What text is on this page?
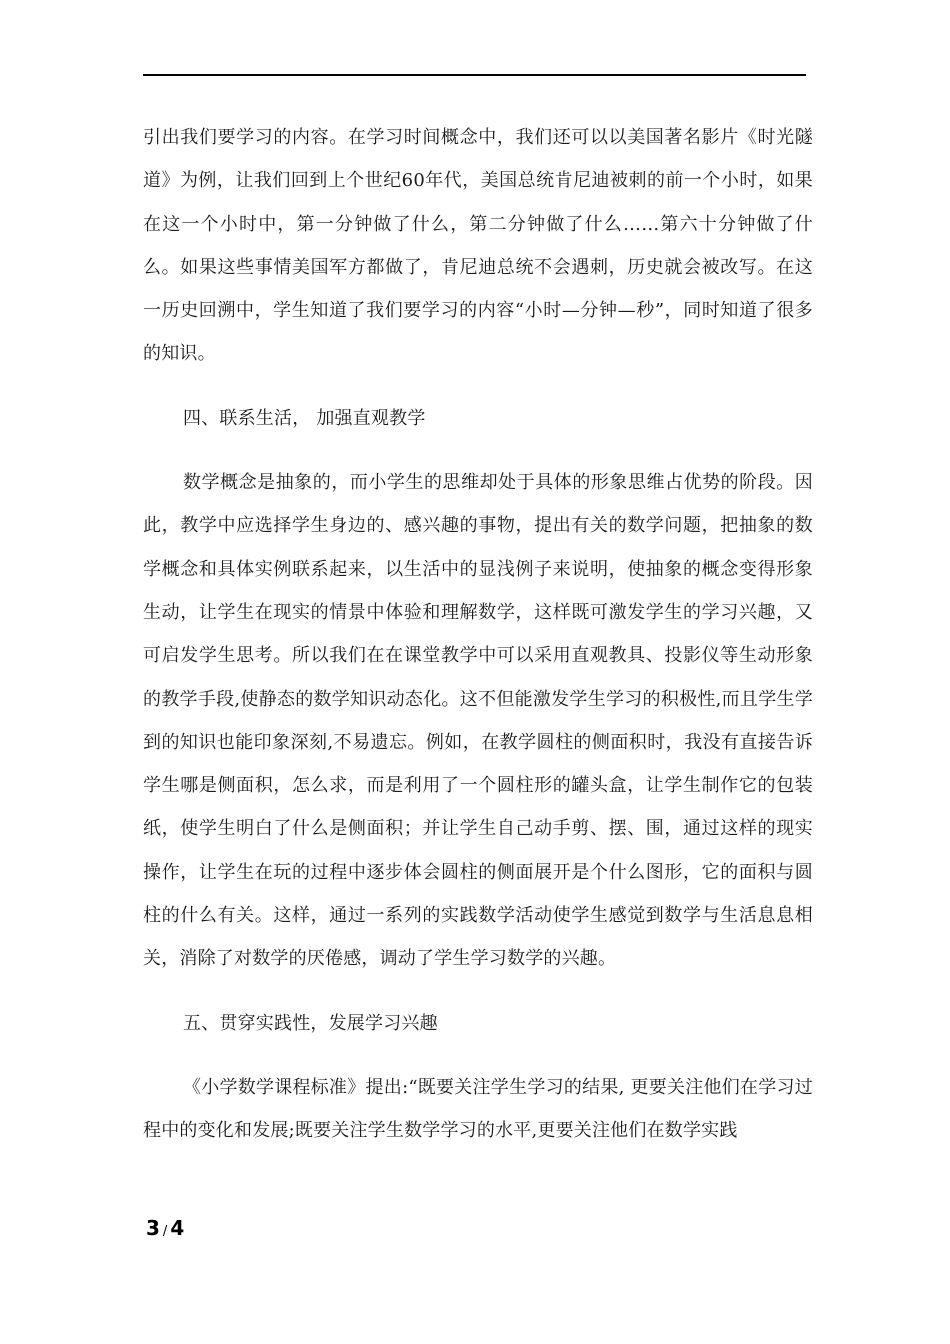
引出我们要学习的内容。在学习时间概念中，我们还可以以美国著名影片《时光隧道》为例，让我们回到上个世纪60年代，美国总统肯尼迪被刺的前一个小时，如果在这一个小时中，第一分钟做了什么，第二分钟做了什么……第六十分钟做了什么。如果这些事情美国军方都做了，肯尼迪总统不会遇刺，历史就会被改写。在这一历史回溯中，学生知道了我们要学习的内容“小时—分钟—秒”，同时知道了很多的知识。

四、联系生活， 加强直观教学

数学概念是抽象的，而小学生的思维却处于具体的形象思维占优势的阶段。因此，教学中应选择学生身边的、感兴趣的事物，提出有关的数学问题，把抽象的数学概念和具体实例联系起来，以生活中的显浅例子来说明，使抽象的概念变得形象生动，让学生在现实的情景中体验和理解数学，这样既可激发学生的学习兴趣，又可启发学生思考。所以我们在在课堂教学中可以采用直观教具、投影仪等生动形象的教学手段,使静态的数学知识动态化。这不但能激发学生学习的积极性,而且学生学到的知识也能印象深刻,不易遗忘。例如，在教学圆柱的侧面积时，我没有直接告诉学生哪是侧面积，怎么求，而是利用了一个圆柱形的罐头盒，让学生制作它的包装纸，使学生明白了什么是侧面积；并让学生自己动手剪、摆、围，通过这样的现实操作，让学生在玩的过程中逐步体会圆柱的侧面展开是个什么图形，它的面积与圆柱的什么有关。这样，通过一系列的实践数学活动使学生感觉到数学与生活息息相关，消除了对数学的厌倦感，调动了学生学习数学的兴趣。

五、贯穿实践性，发展学习兴趣

《小学数学课程标准》提出:“既要关注学生学习的结果, 更要关注他们在学习过程中的变化和发展;既要关注学生数学学习的水平,更要关注他们在数学实践

3 / 4
